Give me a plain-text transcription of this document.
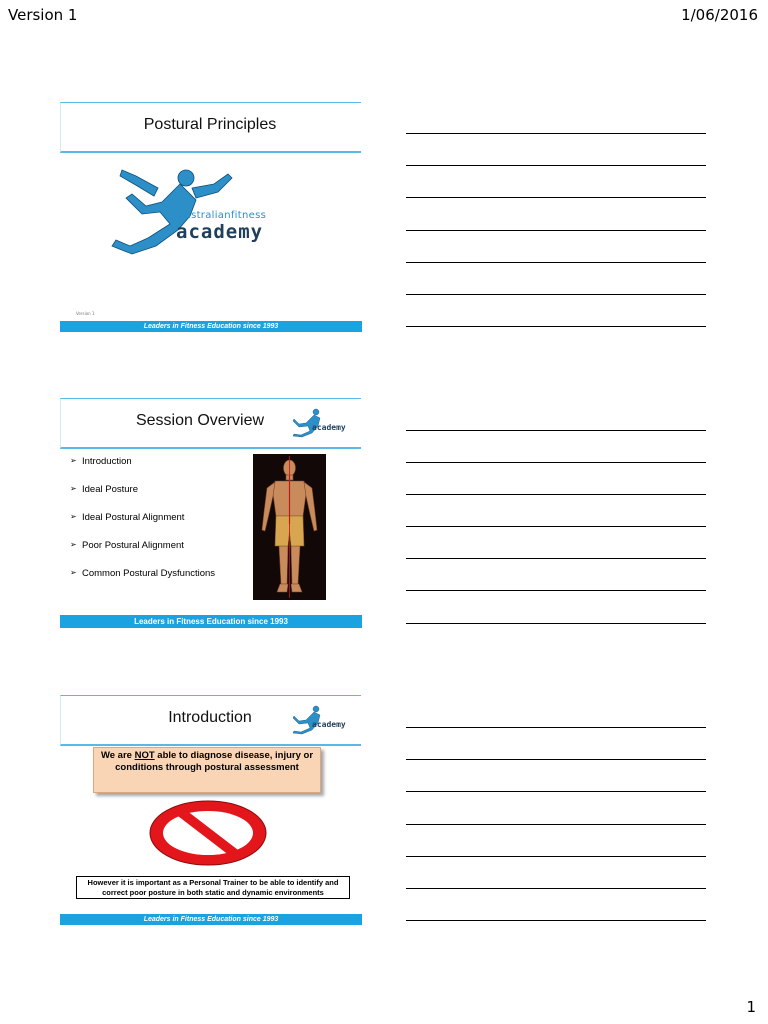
Version 1	1/06/2016
Postural Principles
australianfitness
academy
Version 1
Leaders in Fitness Education since 1993
Session Overview	academy
➢ Introduction
➢ Ideal Posture
➢ Ideal Postural Alignment
➢ Poor Postural Alignment
➢ Common Postural Dysfunctions
Leaders in Fitness Education since 1993
Introduction	academy
We are NOT able to diagnose disease, injury or conditions through postural assessment
However it is important as a Personal Trainer to be able to identify and correct poor posture in both static and dynamic environments
Leaders in Fitness Education since 1993
1
